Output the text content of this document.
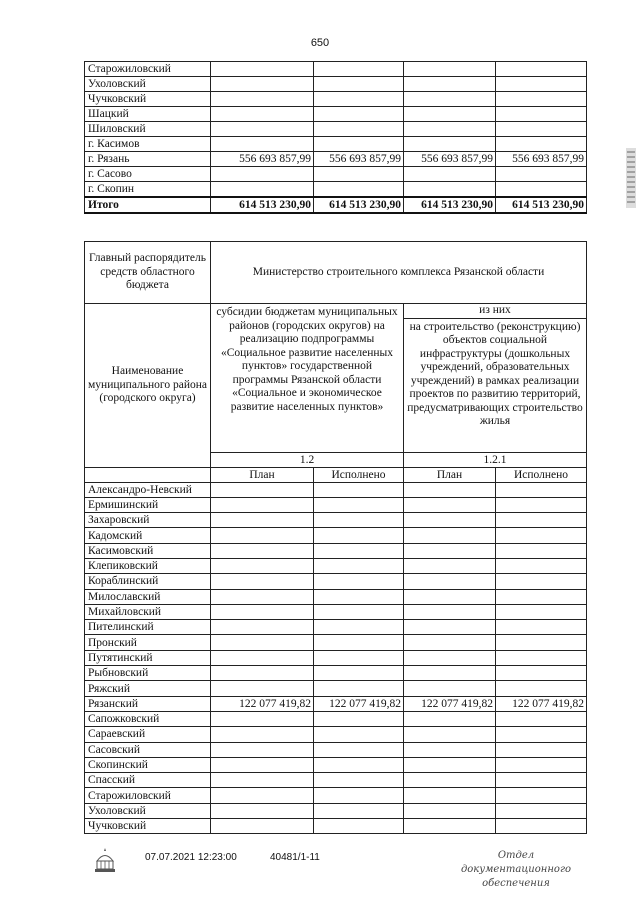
650
Старожиловский				
Ухоловский				
Чучковский				
Шацкий				
Шиловский				
г. Касимов				
г. Рязань	556 693 857,99	556 693 857,99	556 693 857,99	556 693 857,99
г. Сасово				
г. Скопин				
Итого	614 513 230,90	614 513 230,90	614 513 230,90	614 513 230,90
Главный распорядитель средств областного бюджета	Министерство строительного комплекса Рязанской области			
Наименование муниципального района (городского округа)	субсидии бюджетам муниципальных районов (городских округов) на реализацию подпрограммы «Социальное развитие населенных пунктов» государственной программы Рязанской области «Социальное и экономическое развитие населенных пунктов»		из них	
			на строительство (реконструкцию) объектов социальной инфраструктуры (дошкольных учреждений, образовательных учреждений) в рамках реализации проектов по развитию территорий, предусматривающих строительство жилья	
	1.2		1.2.1	
	План	Исполнено	План	Исполнено
Александро-Невский				
Ермишинский				
Захаровский				
Кадомский				
Касимовский				
Клепиковский				
Кораблинский				
Милославский				
Михайловский				
Пителинский				
Пронский				
Путятинский				
Рыбновский				
Ряжский				
Рязанский	122 077 419,82	122 077 419,82	122 077 419,82	122 077 419,82
Сапожковский				
Сараевский				
Сасовский				
Скопинский				
Спасский				
Старожиловский				
Ухоловский				
Чучковский				
07.07.2021 12:23:00	40481/1-11	Отдел документационного
обеспечения
